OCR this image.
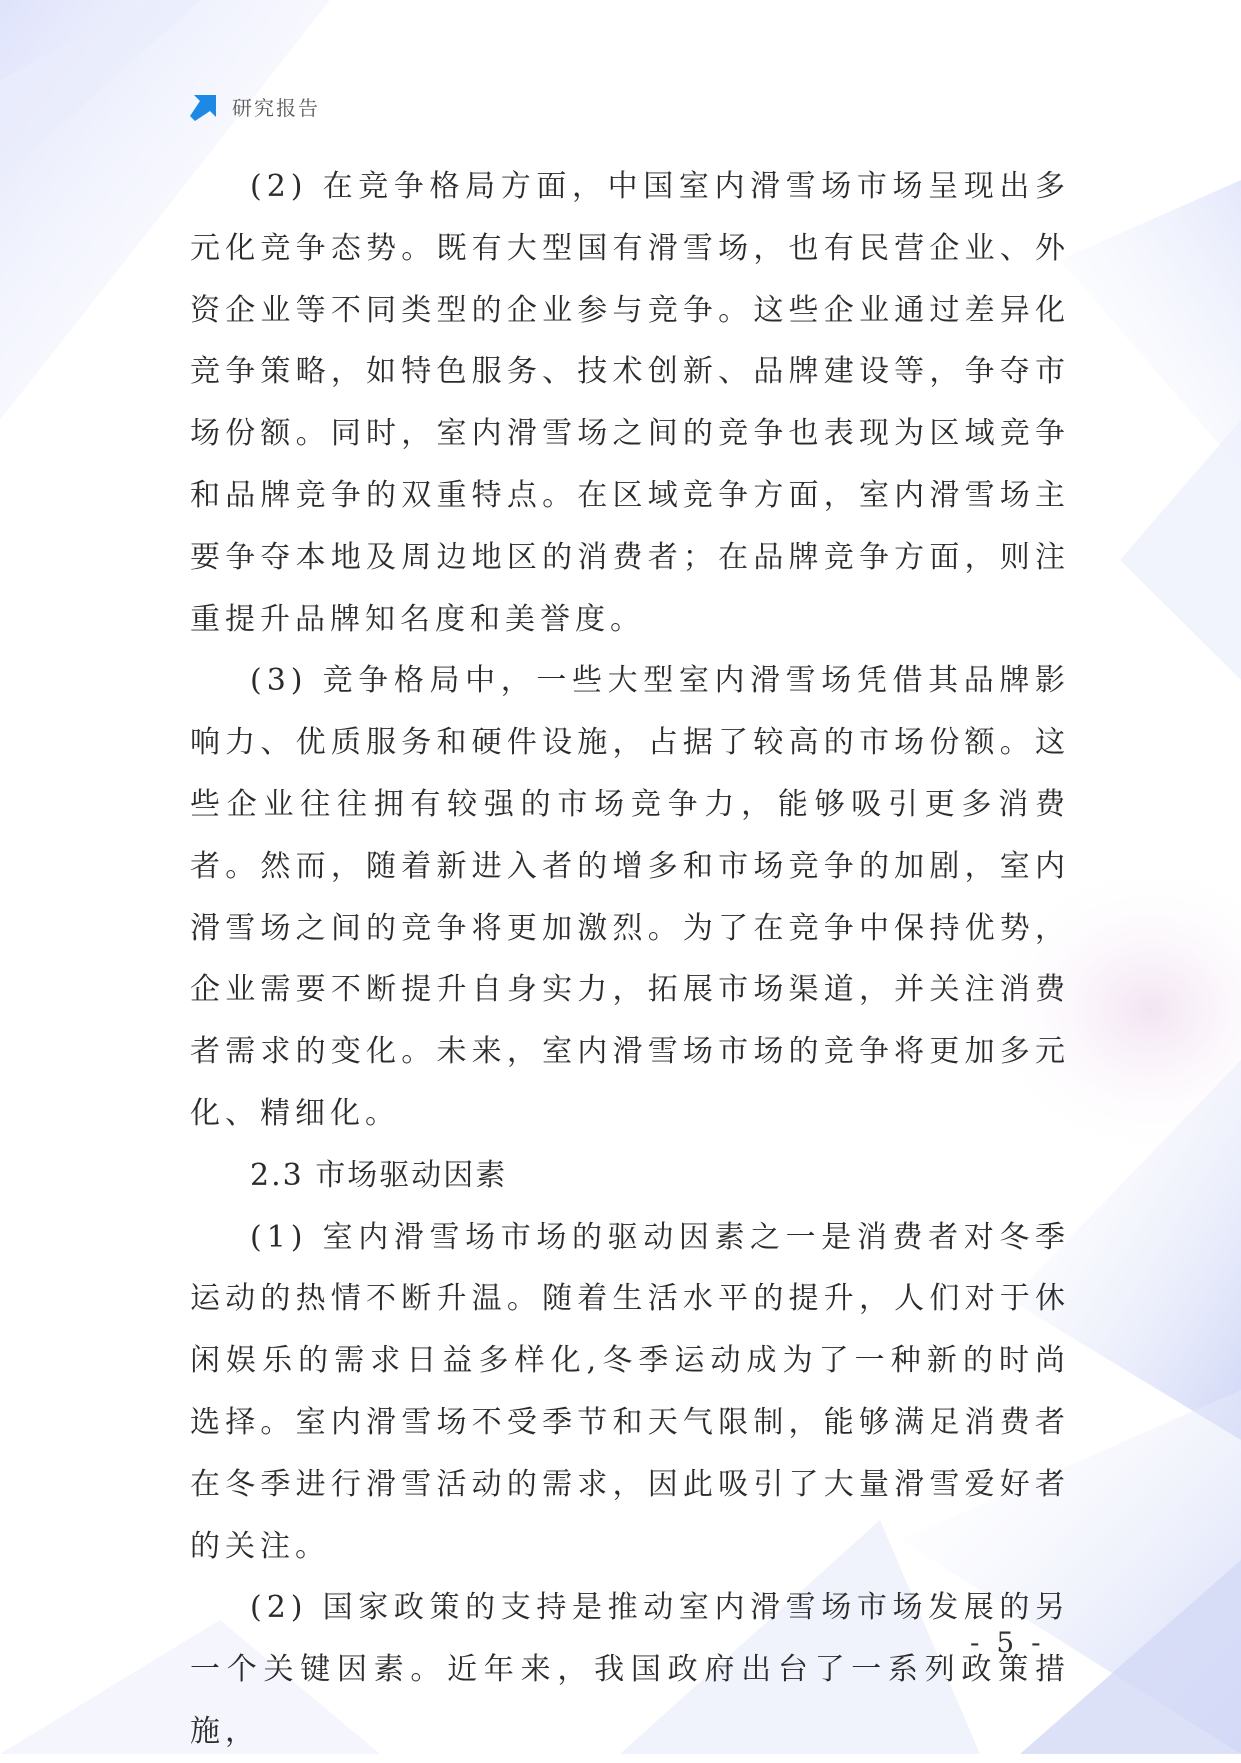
研究报告

(2) 在竞争格局方面，中国室内滑雪场市场呈现出多元化竞争态势。既有大型国有滑雪场，也有民营企业、外资企业等不同类型的企业参与竞争。这些企业通过差异化竞争策略，如特色服务、技术创新、品牌建设等，争夺市场份额。同时，室内滑雪场之间的竞争也表现为区域竞争和品牌竞争的双重特点。在区域竞争方面，室内滑雪场主要争夺本地及周边地区的消费者；在品牌竞争方面，则注重提升品牌知名度和美誉度。

(3) 竞争格局中，一些大型室内滑雪场凭借其品牌影响力、优质服务和硬件设施，占据了较高的市场份额。这些企业往往拥有较强的市场竞争力，能够吸引更多消费者。然而，随着新进入者的增多和市场竞争的加剧，室内滑雪场之间的竞争将更加激烈。为了在竞争中保持优势，企业需要不断提升自身实力，拓展市场渠道，并关注消费者需求的变化。未来，室内滑雪场市场的竞争将更加多元化、精细化。

2.3 市场驱动因素

(1) 室内滑雪场市场的驱动因素之一是消费者对冬季运动的热情不断升温。随着生活水平的提升，人们对于休闲娱乐的需求日益多样化,冬季运动成为了一种新的时尚选择。室内滑雪场不受季节和天气限制，能够满足消费者在冬季进行滑雪活动的需求，因此吸引了大量滑雪爱好者的关注。

(2) 国家政策的支持是推动室内滑雪场市场发展的另一个关键因素。近年来，我国政府出台了一系列政策措施，

- 5 -
